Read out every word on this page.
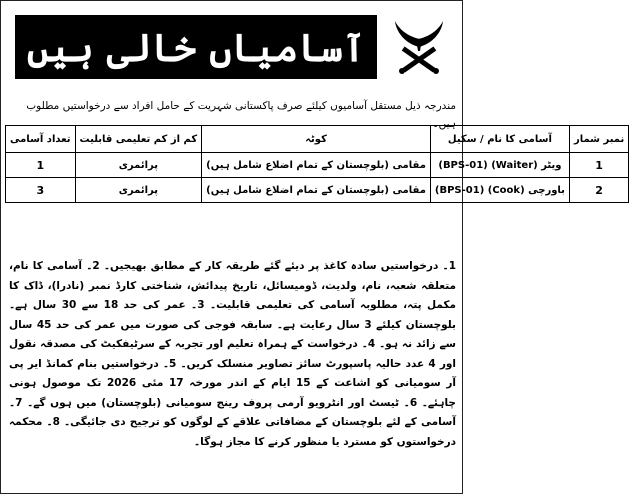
آسامیاں خالی ہیں
مندرجہ ذیل مستقل آسامیوں کیلئے صرف پاکستانی شہریت کے حامل افراد سے درخواستیں مطلوب ہیں۔
نمبر شمار	آسامی کا نام / سکیل	کوٹہ	کم از کم تعلیمی قابلیت	تعداد آسامی
1	ویٹر (Waiter) (BPS-01)	مقامی (بلوچستان کے تمام اضلاع شامل ہیں)	پرائمری	1
2	باورچی (Cook) (BPS-01)	مقامی (بلوچستان کے تمام اضلاع شامل ہیں)	پرائمری	3
1۔ درخواستیں سادہ کاغذ پر دیئے گئے طریقہ کار کے مطابق بھیجیں۔ 2۔ آسامی کا نام، متعلقہ شعبہ، نام، ولدیت، ڈومیسائل، تاریخ پیدائش، شناختی کارڈ نمبر (نادرا)، ڈاک کا مکمل پتہ، مطلوبہ آسامی کی تعلیمی قابلیت۔ 3۔ عمر کی حد 18 سے 30 سال ہے۔ بلوچستان کیلئے 3 سال رعایت ہے۔ سابقہ فوجی کی صورت میں عمر کی حد 45 سال سے زائد نہ ہو۔ 4۔ درخواست کے ہمراہ تعلیم اور تجربہ کے سرٹیفکیٹ کی مصدقہ نقول اور 4 عدد حالیہ پاسپورٹ سائز تصاویر منسلک کریں۔ 5۔ درخواستیں بنام کمانڈ ایر پی آر سومیانی کو اشاعت کے 15 ایام کے اندر مورخہ 17 مئی 2026 تک موصول ہونی چاہئے۔ 6۔ ٹیسٹ اور انٹرویو آرمی پروف رینج سومیانی (بلوچستان) میں ہوں گے۔ 7۔ آسامی کے لئے بلوچستان کے مضافاتی علاقے کے لوگوں کو ترجیح دی جائیگی۔ 8۔ محکمہ درخواستوں کو مسترد یا منظور کرنے کا مجاز ہوگا۔
